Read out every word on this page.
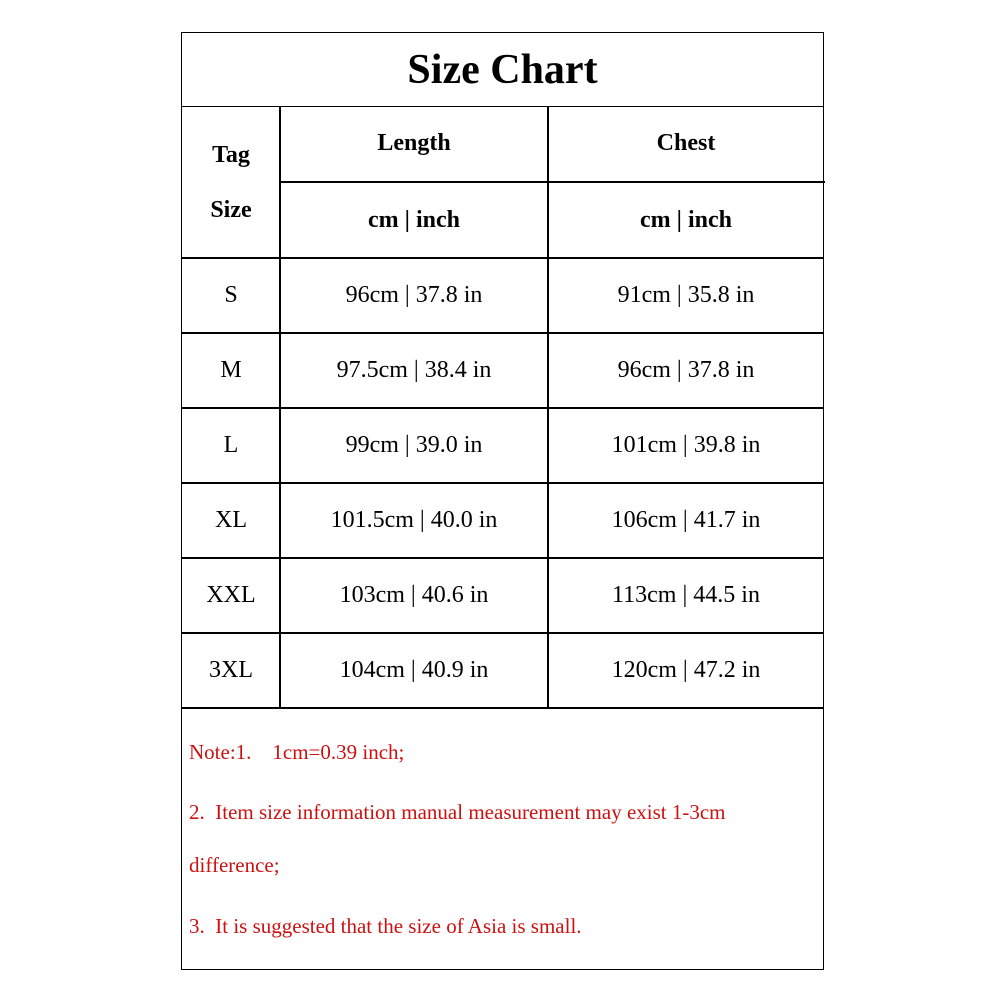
Size Chart
Tag
Size
Length	Chest
cm | inch	cm | inch
S	96cm | 37.8 in	91cm | 35.8 in
M	97.5cm | 38.4 in	96cm | 37.8 in
L	99cm | 39.0 in	101cm | 39.8 in
XL	101.5cm | 40.0 in	106cm | 41.7 in
XXL	103cm | 40.6 in	113cm | 44.5 in
3XL	104cm | 40.9 in	120cm | 47.2 in
Note:1.    1cm=0.39 inch;
2.  Item size information manual measurement may exist 1-3cm
difference;
3.  It is suggested that the size of Asia is small.
